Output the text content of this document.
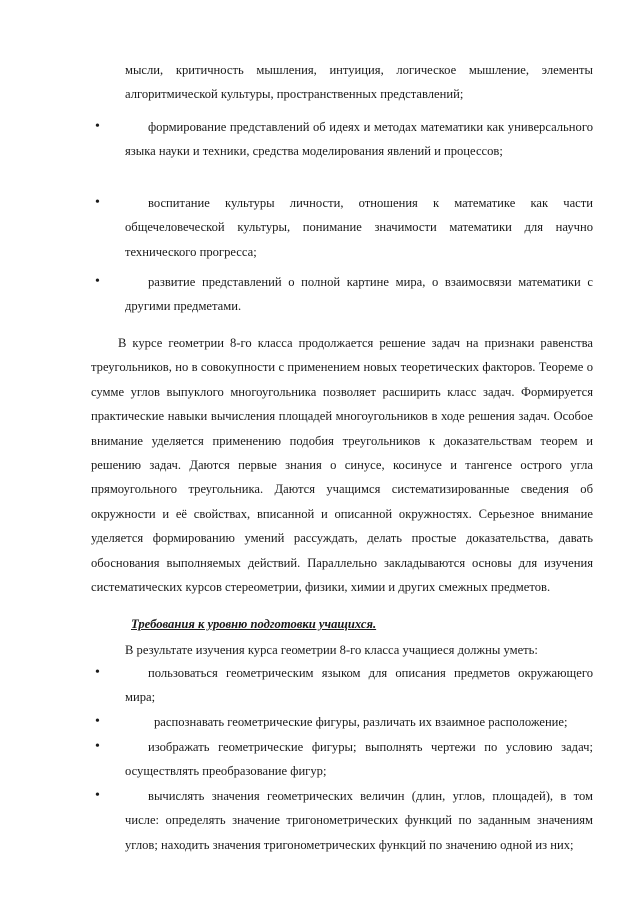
мысли, критичность мышления, интуиция, логическое мышление, элементы алгоритмической культуры, пространственных представлений;
•	формирование представлений об идеях и методах математики как универсального языка науки и техники, средства моделирования явлений и процессов;
•	воспитание культуры личности, отношения к математике как части общечеловеческой культуры, понимание значимости математики для научно технического прогресса;
•	развитие представлений о полной картине мира, о взаимосвязи математики с другими предметами.
В курсе геометрии 8-го класса продолжается решение задач на признаки равенства треугольников, но в совокупности с применением новых теоретических факторов. Теореме о сумме углов выпуклого многоугольника позволяет расширить класс задач. Формируется практические навыки вычисления площадей многоугольников в ходе решения задач. Особое внимание уделяется применению подобия треугольников к доказательствам теорем и решению задач. Даются первые знания о синусе, косинусе и тангенсе острого угла прямоугольного треугольника. Даются учащимся систематизированные сведения об окружности и её свойствах, вписанной и описанной окружностях. Серьезное внимание уделяется формированию умений рассуждать, делать простые доказательства, давать обоснования выполняемых действий. Параллельно закладываются основы для изучения систематических курсов стереометрии, физики, химии и других смежных предметов.
Требования к уровню подготовки учащихся.
В результате изучения курса геометрии 8-го класса учащиеся должны уметь:
•	пользоваться геометрическим языком для описания предметов окружающего мира;
•	распознавать геометрические фигуры, различать их взаимное расположение;
•	изображать геометрические фигуры; выполнять чертежи по условию задач; осуществлять преобразование фигур;
•	вычислять значения геометрических величин (длин, углов, площадей), в том числе: определять значение тригонометрических функций по заданным значениям углов; находить значения тригонометрических функций по значению одной из них;
